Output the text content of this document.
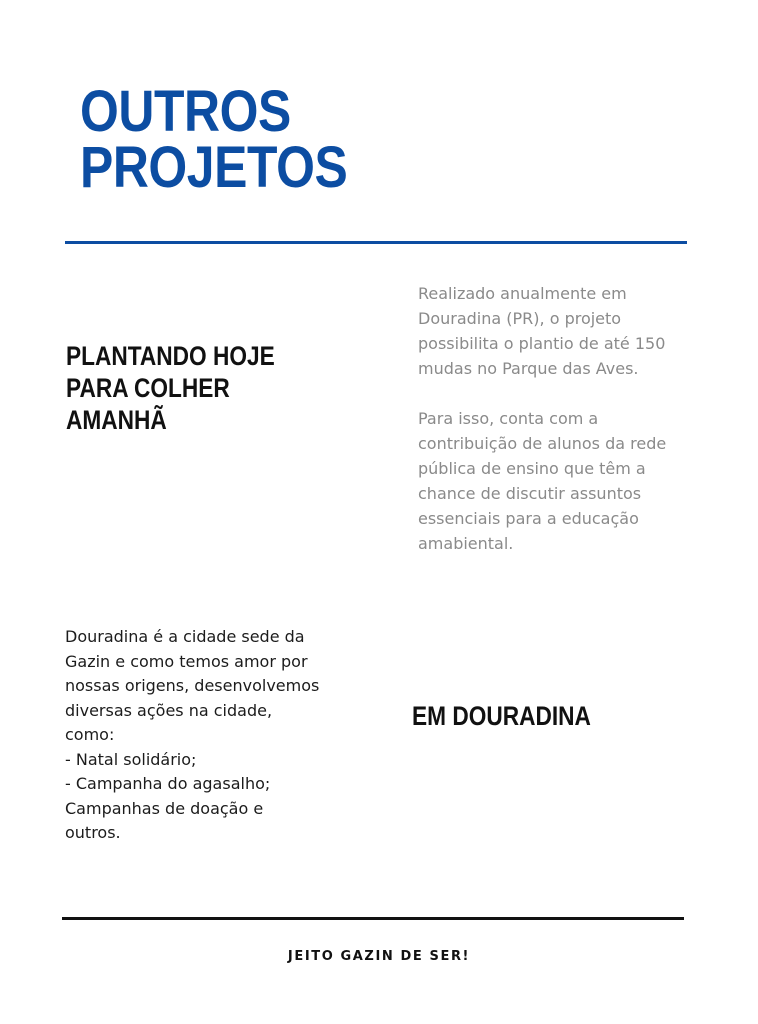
OUTROS
PROJETOS
PLANTANDO HOJE
PARA COLHER
AMANHÃ

Realizado anualmente em Douradina (PR), o projeto possibilita o plantio de até 150 mudas no Parque das Aves.

Para isso, conta com a contribuição de alunos da rede pública de ensino que têm a chance de discutir assuntos essenciais para a educação amabiental.

Douradina é a cidade sede da
Gazin e como temos amor por
nossas origens, desenvolvemos
diversas ações na cidade,
como:
- Natal solidário;
- Campanha do agasalho;
Campanhas de doação e
outros.
EM DOURADINA
JEITO GAZIN DE SER!
